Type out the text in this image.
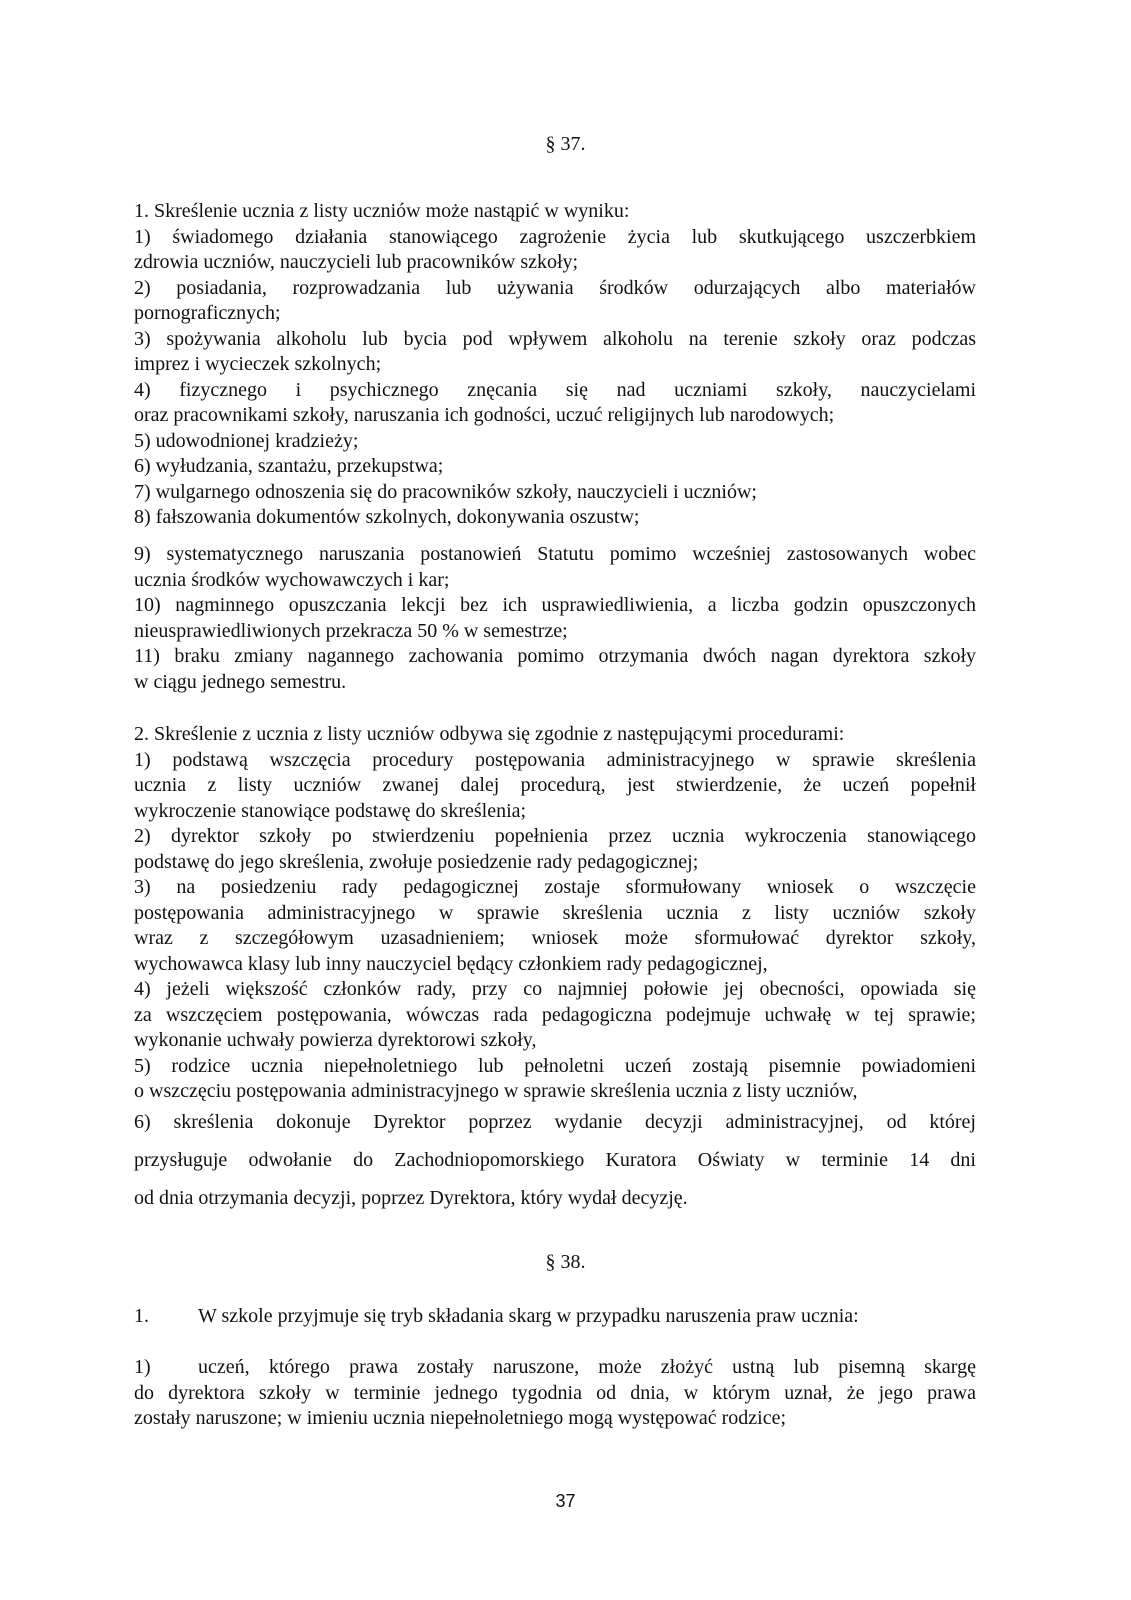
§ 37.

1. Skreślenie ucznia z listy uczniów może nastąpić w wyniku:

1) świadomego działania stanowiącego zagrożenie życia lub skutkującego uszczerbkiem

zdrowia uczniów, nauczycieli lub pracowników szkoły;

2) posiadania, rozprowadzania lub używania środków odurzających albo materiałów

pornograficznych;

3) spożywania alkoholu lub bycia pod wpływem alkoholu na terenie szkoły oraz podczas

imprez i wycieczek szkolnych;

4) fizycznego i psychicznego znęcania się nad uczniami szkoły, nauczycielami

oraz pracownikami szkoły, naruszania ich godności, uczuć religijnych lub narodowych;

5) udowodnionej kradzieży;

6) wyłudzania, szantażu, przekupstwa;

7) wulgarnego odnoszenia się do pracowników szkoły, nauczycieli i uczniów;

8) fałszowania dokumentów szkolnych, dokonywania oszustw;

9) systematycznego naruszania postanowień Statutu pomimo wcześniej zastosowanych wobec

ucznia środków wychowawczych i kar;

10) nagminnego opuszczania lekcji bez ich usprawiedliwienia, a liczba godzin opuszczonych

nieusprawiedliwionych przekracza 50 % w semestrze;

11) braku zmiany nagannego zachowania pomimo otrzymania dwóch nagan dyrektora szkoły

w ciągu jednego semestru.

2. Skreślenie z ucznia z listy uczniów odbywa się zgodnie z następującymi procedurami:

1) podstawą wszczęcia procedury postępowania administracyjnego w sprawie skreślenia

ucznia z listy uczniów zwanej dalej procedurą, jest stwierdzenie, że uczeń popełnił

wykroczenie stanowiące podstawę do skreślenia;

2) dyrektor szkoły po stwierdzeniu popełnienia przez ucznia wykroczenia stanowiącego

podstawę do jego skreślenia, zwołuje posiedzenie rady pedagogicznej;

3) na posiedzeniu rady pedagogicznej zostaje sformułowany wniosek o wszczęcie

postępowania administracyjnego w sprawie skreślenia ucznia z listy uczniów szkoły

wraz z szczegółowym uzasadnieniem; wniosek może sformułować dyrektor szkoły,

wychowawca klasy lub inny nauczyciel będący członkiem rady pedagogicznej,

4) jeżeli większość członków rady, przy co najmniej połowie jej obecności, opowiada się

za wszczęciem postępowania, wówczas rada pedagogiczna podejmuje uchwałę w tej sprawie;

wykonanie uchwały powierza dyrektorowi szkoły,

5) rodzice ucznia niepełnoletniego lub pełnoletni uczeń zostają pisemnie powiadomieni

o wszczęciu postępowania administracyjnego w sprawie skreślenia ucznia z listy uczniów,

6) skreślenia dokonuje Dyrektor poprzez wydanie decyzji administracyjnej, od której

przysługuje odwołanie do Zachodniopomorskiego Kuratora Oświaty w terminie 14 dni

od dnia otrzymania decyzji, poprzez Dyrektora, który wydał decyzję.

§ 38.
1. W szkole przyjmuje się tryb składania skarg w przypadku naruszenia praw ucznia:

1) uczeń, którego prawa zostały naruszone, może złożyć ustną lub pisemną skargę

do dyrektora szkoły w terminie jednego tygodnia od dnia, w którym uznał, że jego prawa

zostały naruszone; w imieniu ucznia niepełnoletniego mogą występować rodzice;

37
